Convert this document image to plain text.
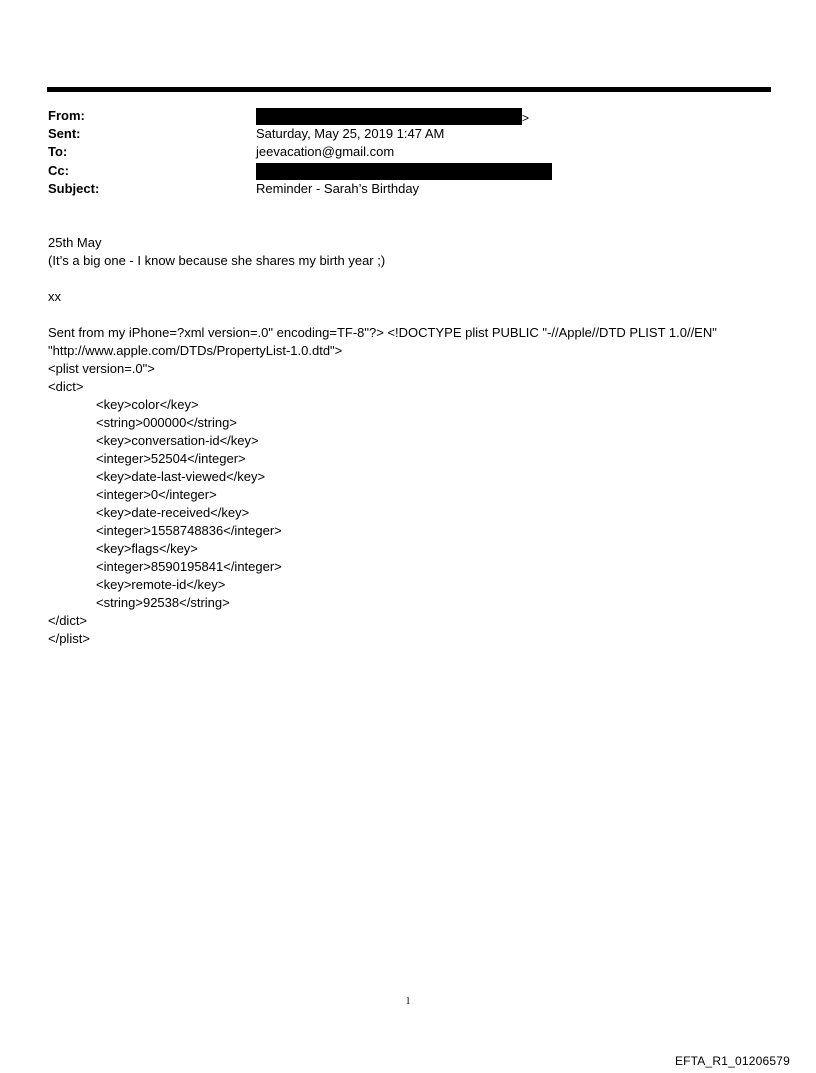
From:	>
Sent:	Saturday, May 25, 2019 1:47 AM
To:	jeevacation@gmail.com
Cc:
Subject:	Reminder - Sarah’s Birthday
25th May
(It’s a big one - I know because she shares my birth year ;)
xx
Sent from my iPhone=?xml version=.0" encoding=TF-8"?> <!DOCTYPE plist PUBLIC "-//Apple//DTD PLIST 1.0//EN"
"http://www.apple.com/DTDs/PropertyList-1.0.dtd">
<plist version=.0">
<dict>
<key>color</key>
<string>000000</string>
<key>conversation-id</key>
<integer>52504</integer>
<key>date-last-viewed</key>
<integer>0</integer>
<key>date-received</key>
<integer>1558748836</integer>
<key>flags</key>
<integer>8590195841</integer>
<key>remote-id</key>
<string>92538</string>
</dict>
</plist>
1
EFTA_R1_01206579
